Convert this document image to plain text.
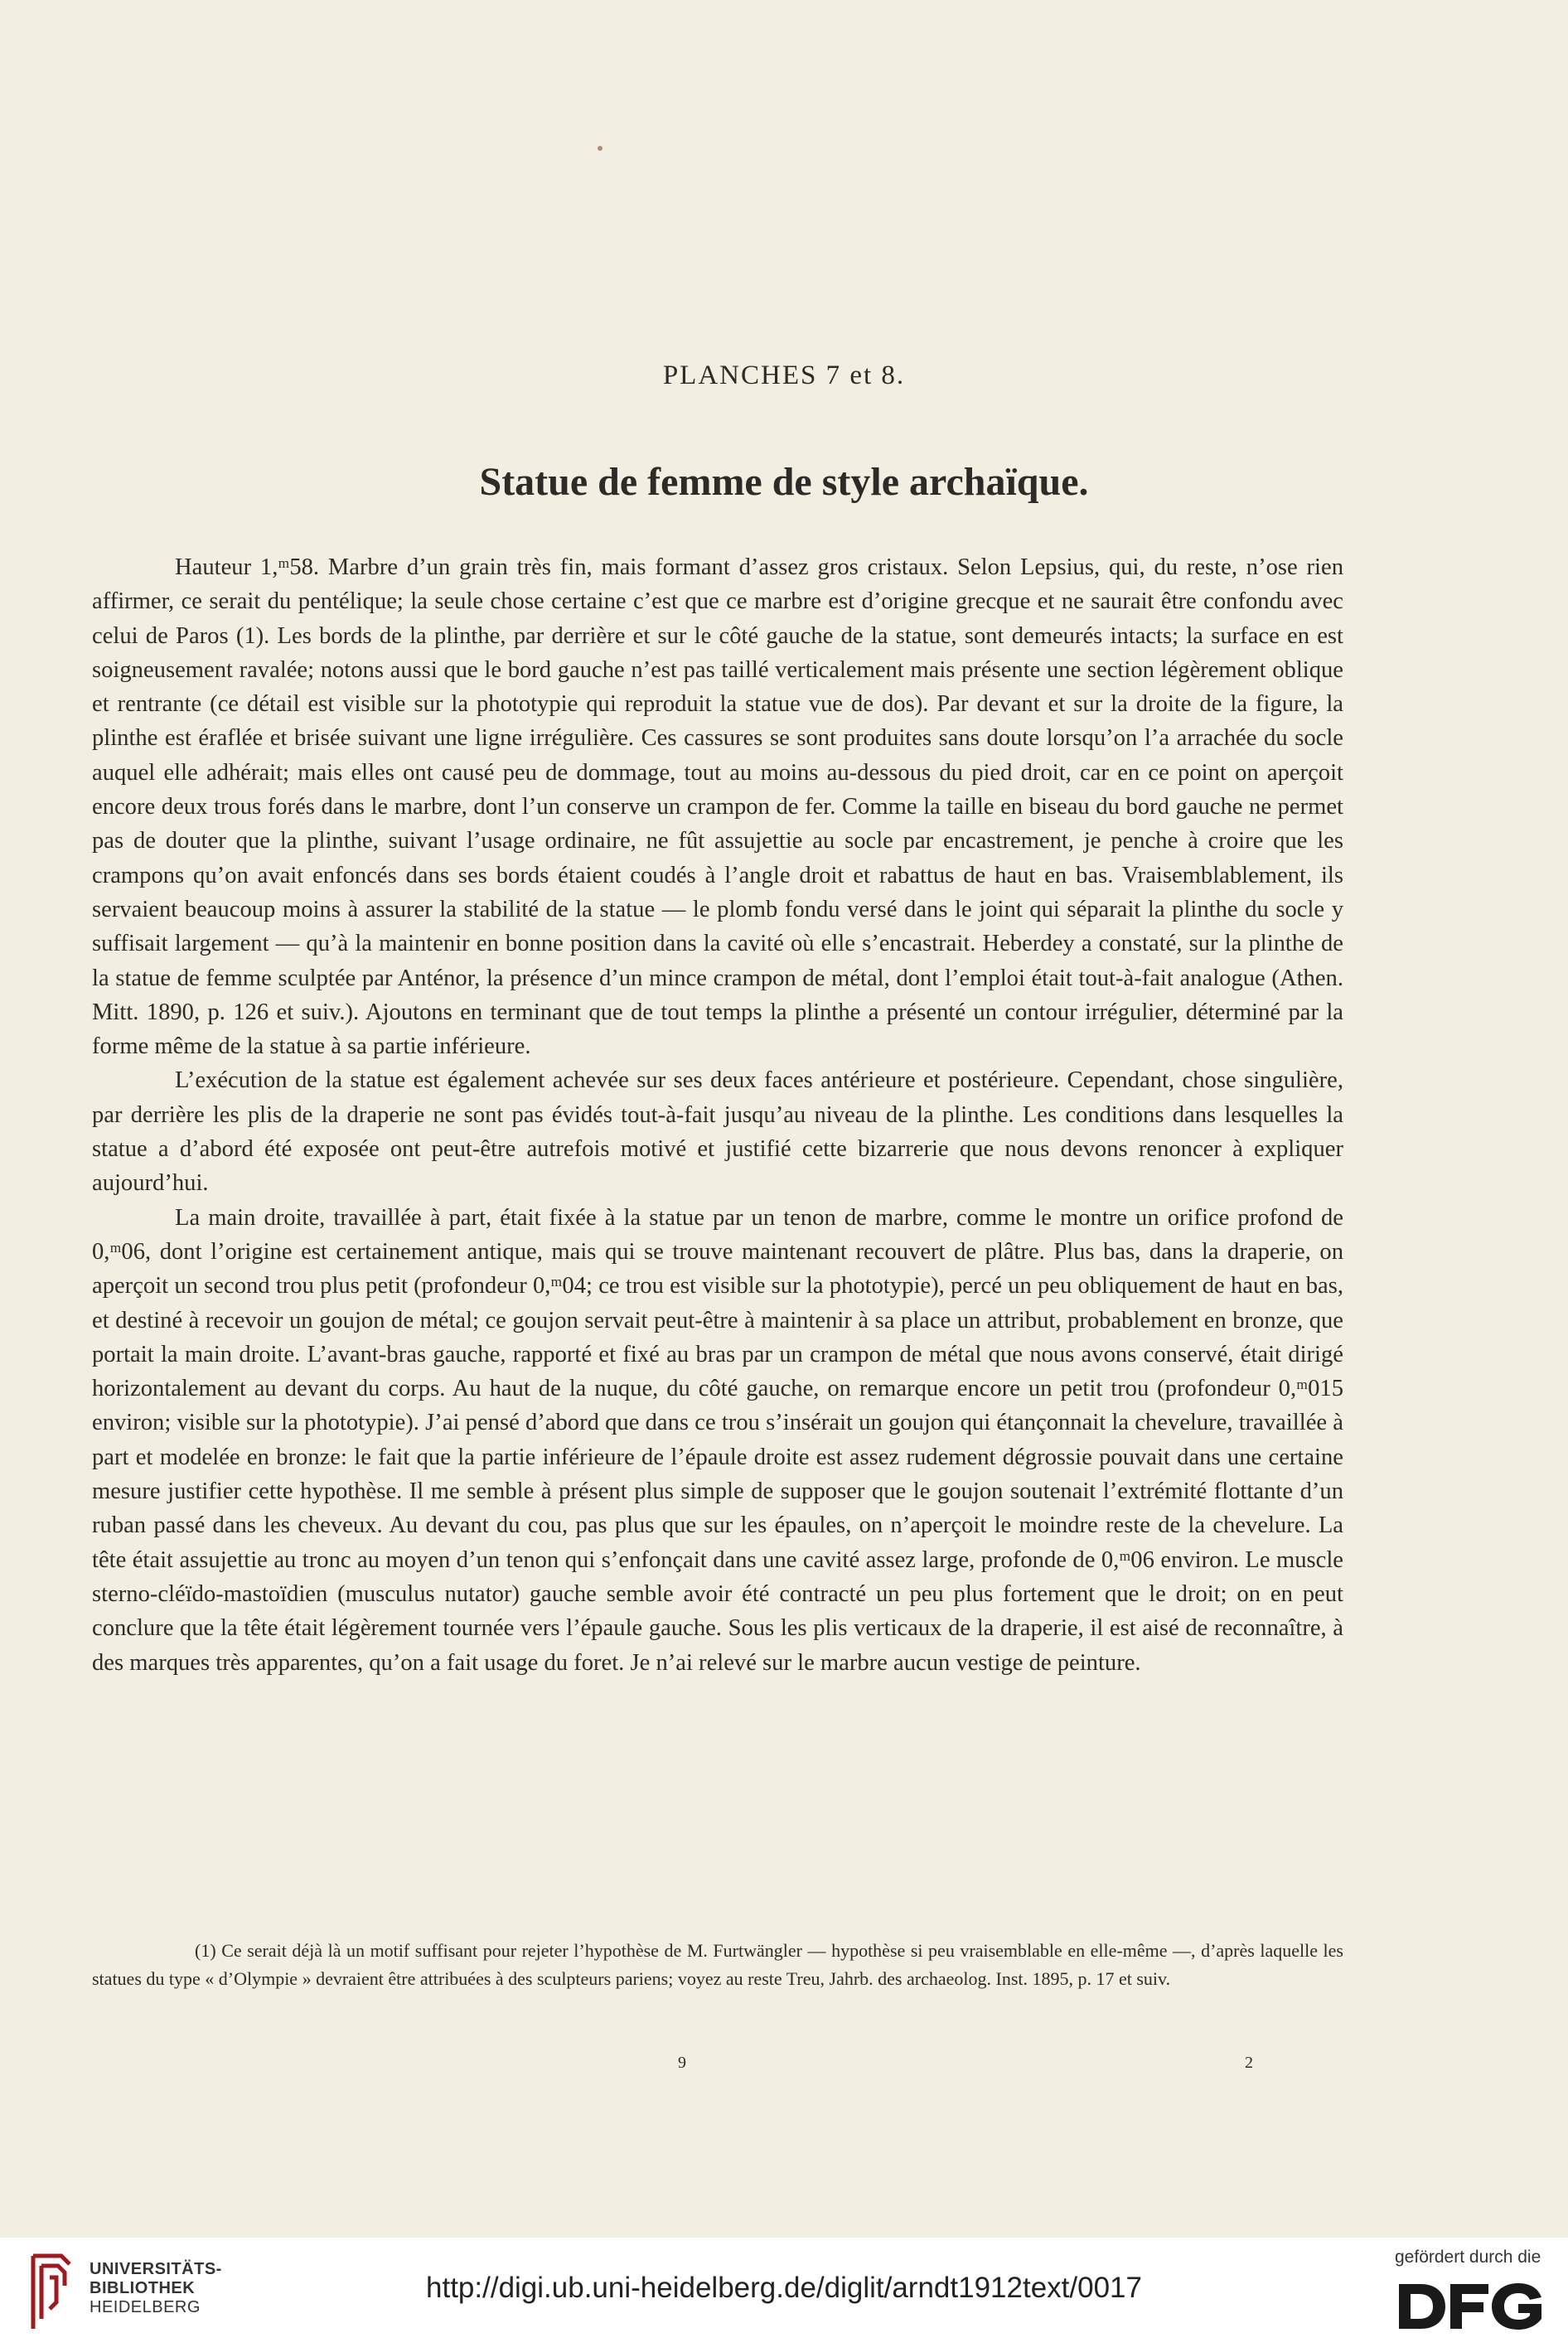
PLANCHES 7 et 8.
Statue de femme de style archaïque.

Hauteur 1,ᵐ58. Marbre d’un grain très fin, mais formant d’assez gros cristaux. Selon Lepsius, qui, du reste, n’ose rien affirmer, ce serait du pentélique; la seule chose certaine c’est que ce marbre est d’origine grecque et ne saurait être confondu avec celui de Paros (1). Les bords de la plinthe, par derrière et sur le côté gauche de la statue, sont demeurés intacts; la surface en est soigneusement ravalée; notons aussi que le bord gauche n’est pas taillé verticalement mais présente une section légèrement oblique et rentrante (ce détail est visible sur la phototypie qui reproduit la statue vue de dos). Par devant et sur la droite de la figure, la plinthe est éraflée et brisée suivant une ligne irrégulière. Ces cassures se sont produites sans doute lorsqu’on l’a arrachée du socle auquel elle adhérait; mais elles ont causé peu de dommage, tout au moins au-dessous du pied droit, car en ce point on aperçoit encore deux trous forés dans le marbre, dont l’un conserve un crampon de fer. Comme la taille en biseau du bord gauche ne permet pas de douter que la plinthe, suivant l’usage ordinaire, ne fût assujettie au socle par encastrement, je penche à croire que les crampons qu’on avait enfoncés dans ses bords étaient coudés à l’angle droit et rabattus de haut en bas. Vraisemblablement, ils servaient beaucoup moins à assurer la stabilité de la statue — le plomb fondu versé dans le joint qui séparait la plinthe du socle y suffisait largement — qu’à la maintenir en bonne position dans la cavité où elle s’encastrait. Heberdey a constaté, sur la plinthe de la statue de femme sculptée par Anténor, la présence d’un mince crampon de métal, dont l’emploi était tout-à-fait analogue (Athen. Mitt. 1890, p. 126 et suiv.). Ajoutons en terminant que de tout temps la plinthe a présenté un contour irrégulier, déterminé par la forme même de la statue à sa partie inférieure.

L’exécution de la statue est également achevée sur ses deux faces antérieure et postérieure. Cependant, chose singulière, par derrière les plis de la draperie ne sont pas évidés tout-à-fait jusqu’au niveau de la plinthe. Les conditions dans lesquelles la statue a d’abord été exposée ont peut-être autrefois motivé et justifié cette bizarrerie que nous devons renoncer à expliquer aujourd’hui.

La main droite, travaillée à part, était fixée à la statue par un tenon de marbre, comme le montre un orifice profond de 0,ᵐ06, dont l’origine est certainement antique, mais qui se trouve maintenant recouvert de plâtre. Plus bas, dans la draperie, on aperçoit un second trou plus petit (profondeur 0,ᵐ04; ce trou est visible sur la phototypie), percé un peu obliquement de haut en bas, et destiné à recevoir un goujon de métal; ce goujon servait peut-être à maintenir à sa place un attribut, probablement en bronze, que portait la main droite. L’avant-bras gauche, rapporté et fixé au bras par un crampon de métal que nous avons conservé, était dirigé horizontalement au devant du corps. Au haut de la nuque, du côté gauche, on remarque encore un petit trou (profondeur 0,ᵐ015 environ; visible sur la phototypie). J’ai pensé d’abord que dans ce trou s’insérait un goujon qui étançonnait la chevelure, travaillée à part et modelée en bronze: le fait que la partie inférieure de l’épaule droite est assez rudement dégrossie pouvait dans une certaine mesure justifier cette hypothèse. Il me semble à présent plus simple de supposer que le goujon soutenait l’extrémité flottante d’un ruban passé dans les cheveux. Au devant du cou, pas plus que sur les épaules, on n’aperçoit le moindre reste de la chevelure. La tête était assujettie au tronc au moyen d’un tenon qui s’enfonçait dans une cavité assez large, profonde de 0,ᵐ06 environ. Le muscle sterno-cléïdo-mastoïdien (musculus nutator) gauche semble avoir été contracté un peu plus fortement que le droit; on en peut conclure que la tête était légèrement tournée vers l’épaule gauche. Sous les plis verticaux de la draperie, il est aisé de reconnaître, à des marques très apparentes, qu’on a fait usage du foret. Je n’ai relevé sur le marbre aucun vestige de peinture.

(1) Ce serait déjà là un motif suffisant pour rejeter l’hypothèse de M. Furtwängler — hypothèse si peu vraisemblable en elle-même —, d’après laquelle les statues du type « d’Olympie » devraient être attribuées à des sculpteurs pariens; voyez au reste Treu, Jahrb. des archaeolog. Inst. 1895, p. 17 et suiv.

9	2
UNIVERSITÄTS-
BIBLIOTHEK
HEIDELBERG
http://digi.ub.uni-heidelberg.de/diglit/arndt1912text/0017
gefördert durch die
